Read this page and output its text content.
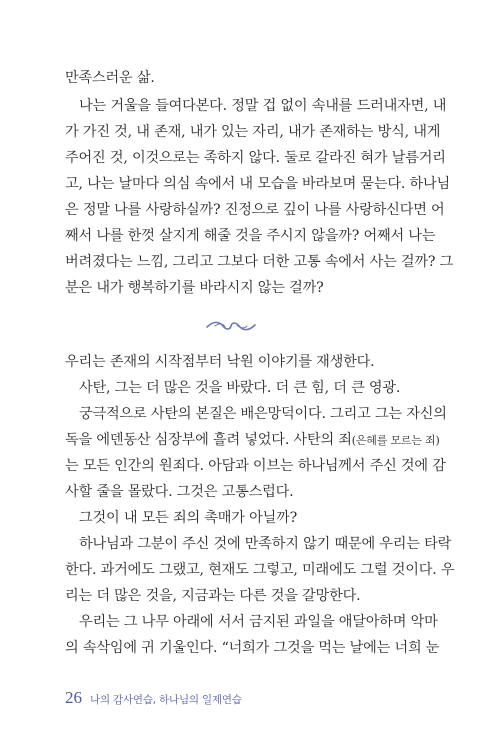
만족스러운 삶.
나는 거울을 들여다본다. 정말 겁 없이 속내를 드러내자면, 내
가 가진 것, 내 존재, 내가 있는 자리, 내가 존재하는 방식, 내게
주어진 것, 이것으로는 족하지 않다. 둘로 갈라진 혀가 날름거리
고, 나는 날마다 의심 속에서 내 모습을 바라보며 묻는다. 하나님
은 정말 나를 사랑하실까? 진정으로 깊이 나를 사랑하신다면 어
째서 나를 한껏 살지게 해줄 것을 주시지 않을까? 어째서 나는
버려졌다는 느낌, 그리고 그보다 더한 고통 속에서 사는 걸까? 그
분은 내가 행복하기를 바라시지 않는 걸까?
우리는 존재의 시작점부터 낙원 이야기를 재생한다.
사탄, 그는 더 많은 것을 바랐다. 더 큰 힘, 더 큰 영광.
궁극적으로 사탄의 본질은 배은망덕이다. 그리고 그는 자신의
독을 에덴동산 심장부에 흘려 넣었다. 사탄의 죄(은혜를 모르는 죄)
는 모든 인간의 원죄다. 아담과 이브는 하나님께서 주신 것에 감
사할 줄을 몰랐다. 그것은 고통스럽다.
그것이 내 모든 죄의 촉매가 아닐까?
하나님과 그분이 주신 것에 만족하지 않기 때문에 우리는 타락
한다. 과거에도 그랬고, 현재도 그렇고, 미래에도 그럴 것이다. 우
리는 더 많은 것을, 지금과는 다른 것을 갈망한다.
우리는 그 나무 아래에 서서 금지된 과일을 애달아하며 악마
의 속삭임에 귀 기울인다. “너희가 그것을 먹는 날에는 너희 눈
26 나의 감사연습, 하나님의 일제연습
